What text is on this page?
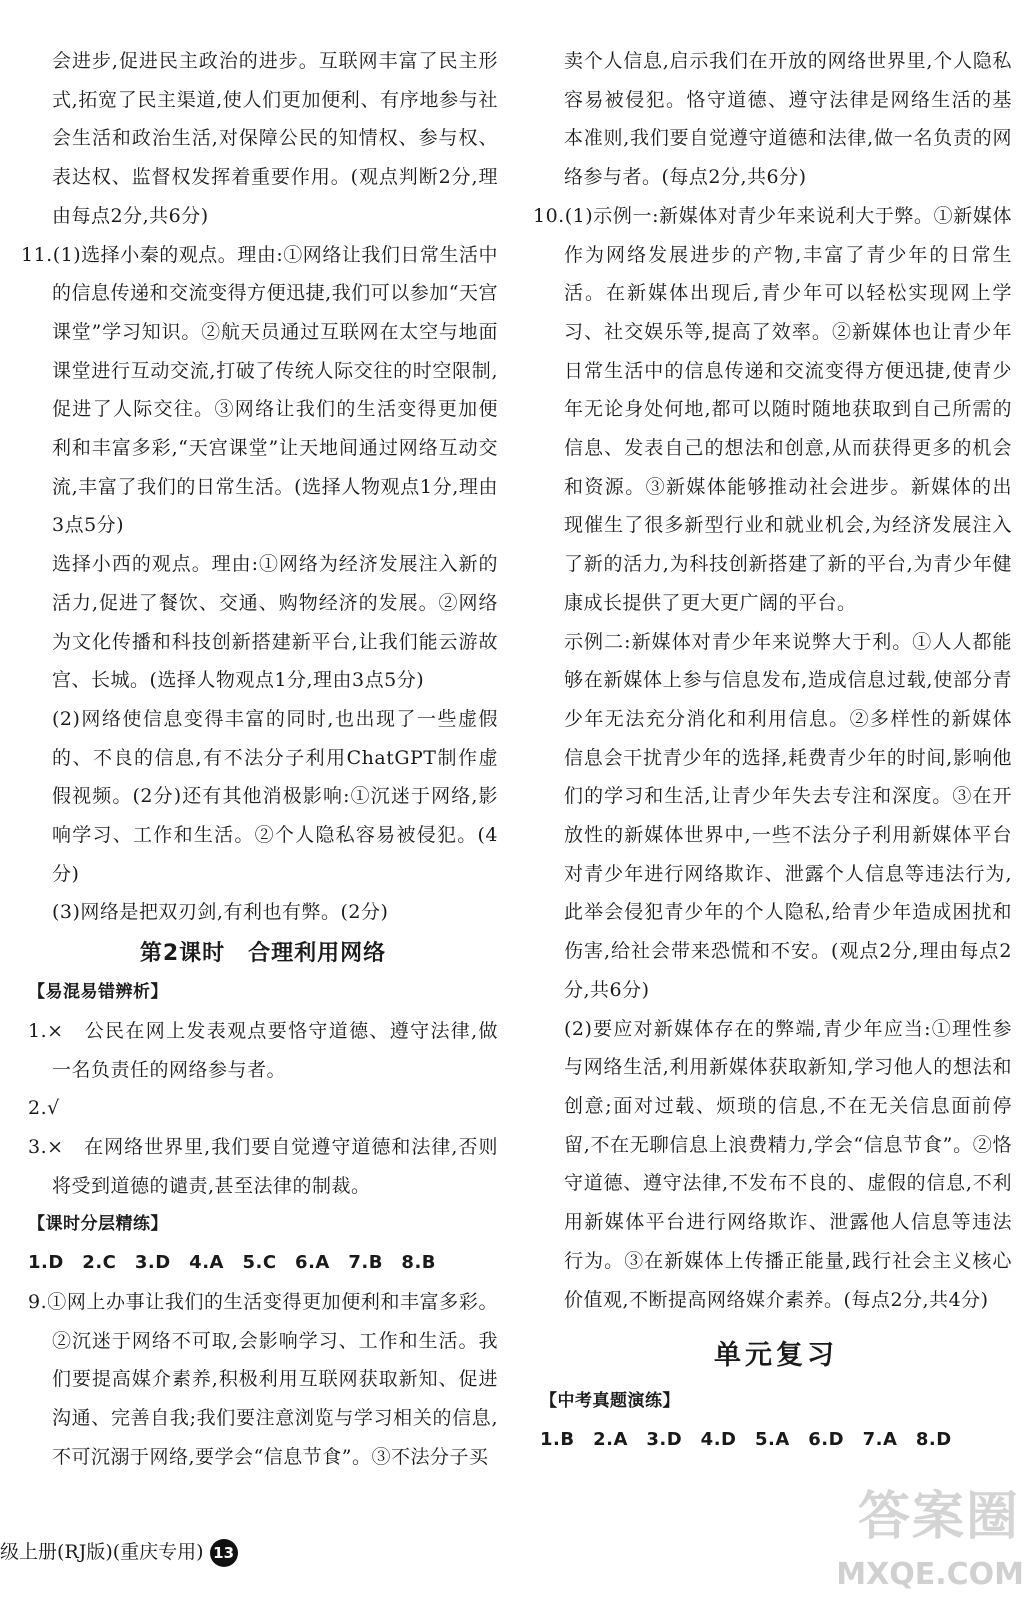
会进步,促进民主政治的进步。互联网丰富了民主形式,拓宽了民主渠道,使人们更加便利、有序地参与社会生活和政治生活,对保障公民的知情权、参与权、表达权、监督权发挥着重要作用。(观点判断2分,理由每点2分,共6分)

11.(1)选择小秦的观点。理由:①网络让我们日常生活中的信息传递和交流变得方便迅捷,我们可以参加“天宫课堂”学习知识。②航天员通过互联网在太空与地面课堂进行互动交流,打破了传统人际交往的时空限制,促进了人际交往。③网络让我们的生活变得更加便利和丰富多彩,“天宫课堂”让天地间通过网络互动交流,丰富了我们的日常生活。(选择人物观点1分,理由3点5分)

选择小西的观点。理由:①网络为经济发展注入新的活力,促进了餐饮、交通、购物经济的发展。②网络为文化传播和科技创新搭建新平台,让我们能云游故宫、长城。(选择人物观点1分,理由3点5分)

(2)网络使信息变得丰富的同时,也出现了一些虚假的、不良的信息,有不法分子利用ChatGPT制作虚假视频。(2分)还有其他消极影响:①沉迷于网络,影响学习、工作和生活。②个人隐私容易被侵犯。(4分)

(3)网络是把双刃剑,有利也有弊。(2分)

第2课时　合理利用网络

【易混易错辨析】

1.×　公民在网上发表观点要恪守道德、遵守法律,做一名负责任的网络参与者。

2.√

3.×　在网络世界里,我们要自觉遵守道德和法律,否则将受到道德的谴责,甚至法律的制裁。

【课时分层精练】

1.D　2.C　3.D　4.A　5.C　6.A　7.B　8.B

9.①网上办事让我们的生活变得更加便利和丰富多彩。②沉迷于网络不可取,会影响学习、工作和生活。我们要提高媒介素养,积极利用互联网获取新知、促进沟通、完善自我;我们要注意浏览与学习相关的信息,不可沉溺于网络,要学会“信息节食”。③不法分子买

卖个人信息,启示我们在开放的网络世界里,个人隐私容易被侵犯。恪守道德、遵守法律是网络生活的基本准则,我们要自觉遵守道德和法律,做一名负责的网络参与者。(每点2分,共6分)

10.(1)示例一:新媒体对青少年来说利大于弊。①新媒体作为网络发展进步的产物,丰富了青少年的日常生活。在新媒体出现后,青少年可以轻松实现网上学习、社交娱乐等,提高了效率。②新媒体也让青少年日常生活中的信息传递和交流变得方便迅捷,使青少年无论身处何地,都可以随时随地获取到自己所需的信息、发表自己的想法和创意,从而获得更多的机会和资源。③新媒体能够推动社会进步。新媒体的出现催生了很多新型行业和就业机会,为经济发展注入了新的活力,为科技创新搭建了新的平台,为青少年健康成长提供了更大更广阔的平台。

示例二:新媒体对青少年来说弊大于利。①人人都能够在新媒体上参与信息发布,造成信息过载,使部分青少年无法充分消化和利用信息。②多样性的新媒体信息会干扰青少年的选择,耗费青少年的时间,影响他们的学习和生活,让青少年失去专注和深度。③在开放性的新媒体世界中,一些不法分子利用新媒体平台对青少年进行网络欺诈、泄露个人信息等违法行为,此举会侵犯青少年的个人隐私,给青少年造成困扰和伤害,给社会带来恐慌和不安。(观点2分,理由每点2分,共6分)

(2)要应对新媒体存在的弊端,青少年应当:①理性参与网络生活,利用新媒体获取新知,学习他人的想法和创意;面对过载、烦琐的信息,不在无关信息面前停留,不在无聊信息上浪费精力,学会“信息节食”。②恪守道德、遵守法律,不发布不良的、虚假的信息,不利用新媒体平台进行网络欺诈、泄露他人信息等违法行为。③在新媒体上传播正能量,践行社会主义核心价值观,不断提高网络媒介素养。(每点2分,共4分)

单元复习

【中考真题演练】

1.B　2.A　3.D　4.D　5.A　6.D　7.A　8.D

级上册(RJ版)(重庆专用) 13
答案圈
MXQE.COM
